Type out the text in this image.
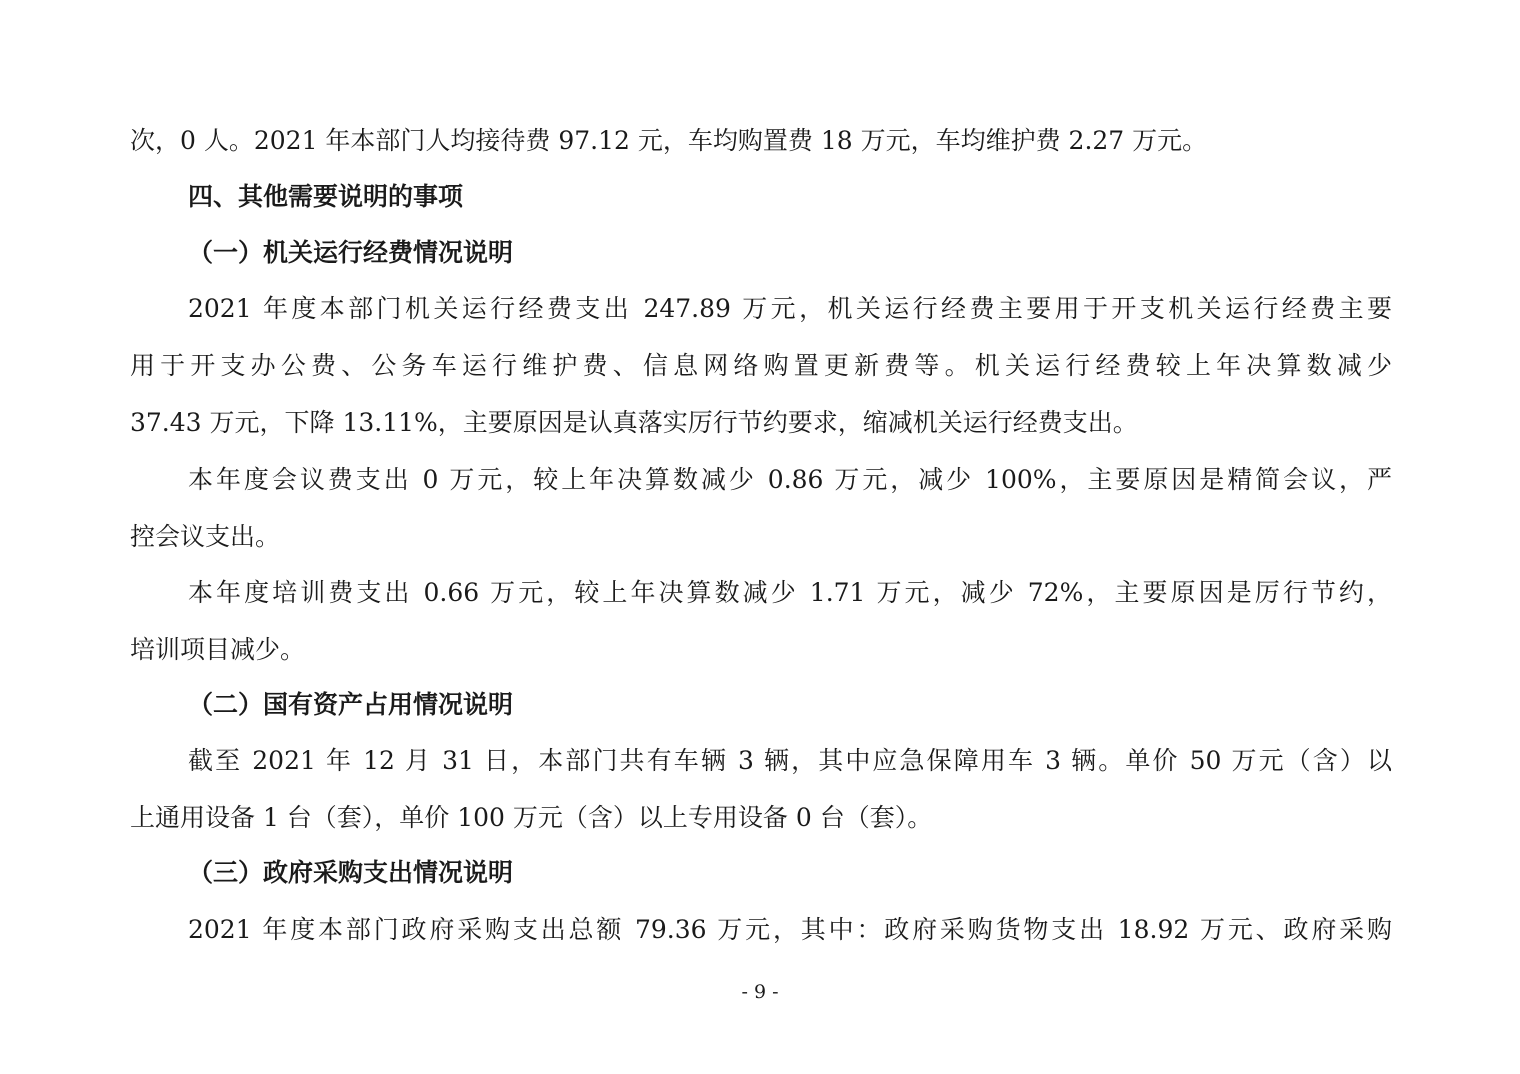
次，0 人。2021 年本部门人均接待费 97.12 元，车均购置费 18 万元，车均维护费 2.27 万元。
四、其他需要说明的事项
（一）机关运行经费情况说明
2021 年度本部门机关运行经费支出 247.89 万元，机关运行经费主要用于开支机关运行经费主要
用于开支办公费、公务车运行维护费、信息网络购置更新费等。机关运行经费较上年决算数减少
37.43 万元，下降 13.11%，主要原因是认真落实厉行节约要求，缩减机关运行经费支出。
本年度会议费支出 0 万元，较上年决算数减少 0.86 万元，减少 100%，主要原因是精简会议，严
控会议支出。
本年度培训费支出 0.66 万元，较上年决算数减少 1.71 万元，减少 72%，主要原因是厉行节约，
培训项目减少。
（二）国有资产占用情况说明
截至 2021 年 12 月 31 日，本部门共有车辆 3 辆，其中应急保障用车 3 辆。单价 50 万元（含）以
上通用设备 1 台（套），单价 100 万元（含）以上专用设备 0 台（套）。
（三）政府采购支出情况说明
2021 年度本部门政府采购支出总额 79.36 万元，其中：政府采购货物支出 18.92 万元、政府采购
- 9 -
